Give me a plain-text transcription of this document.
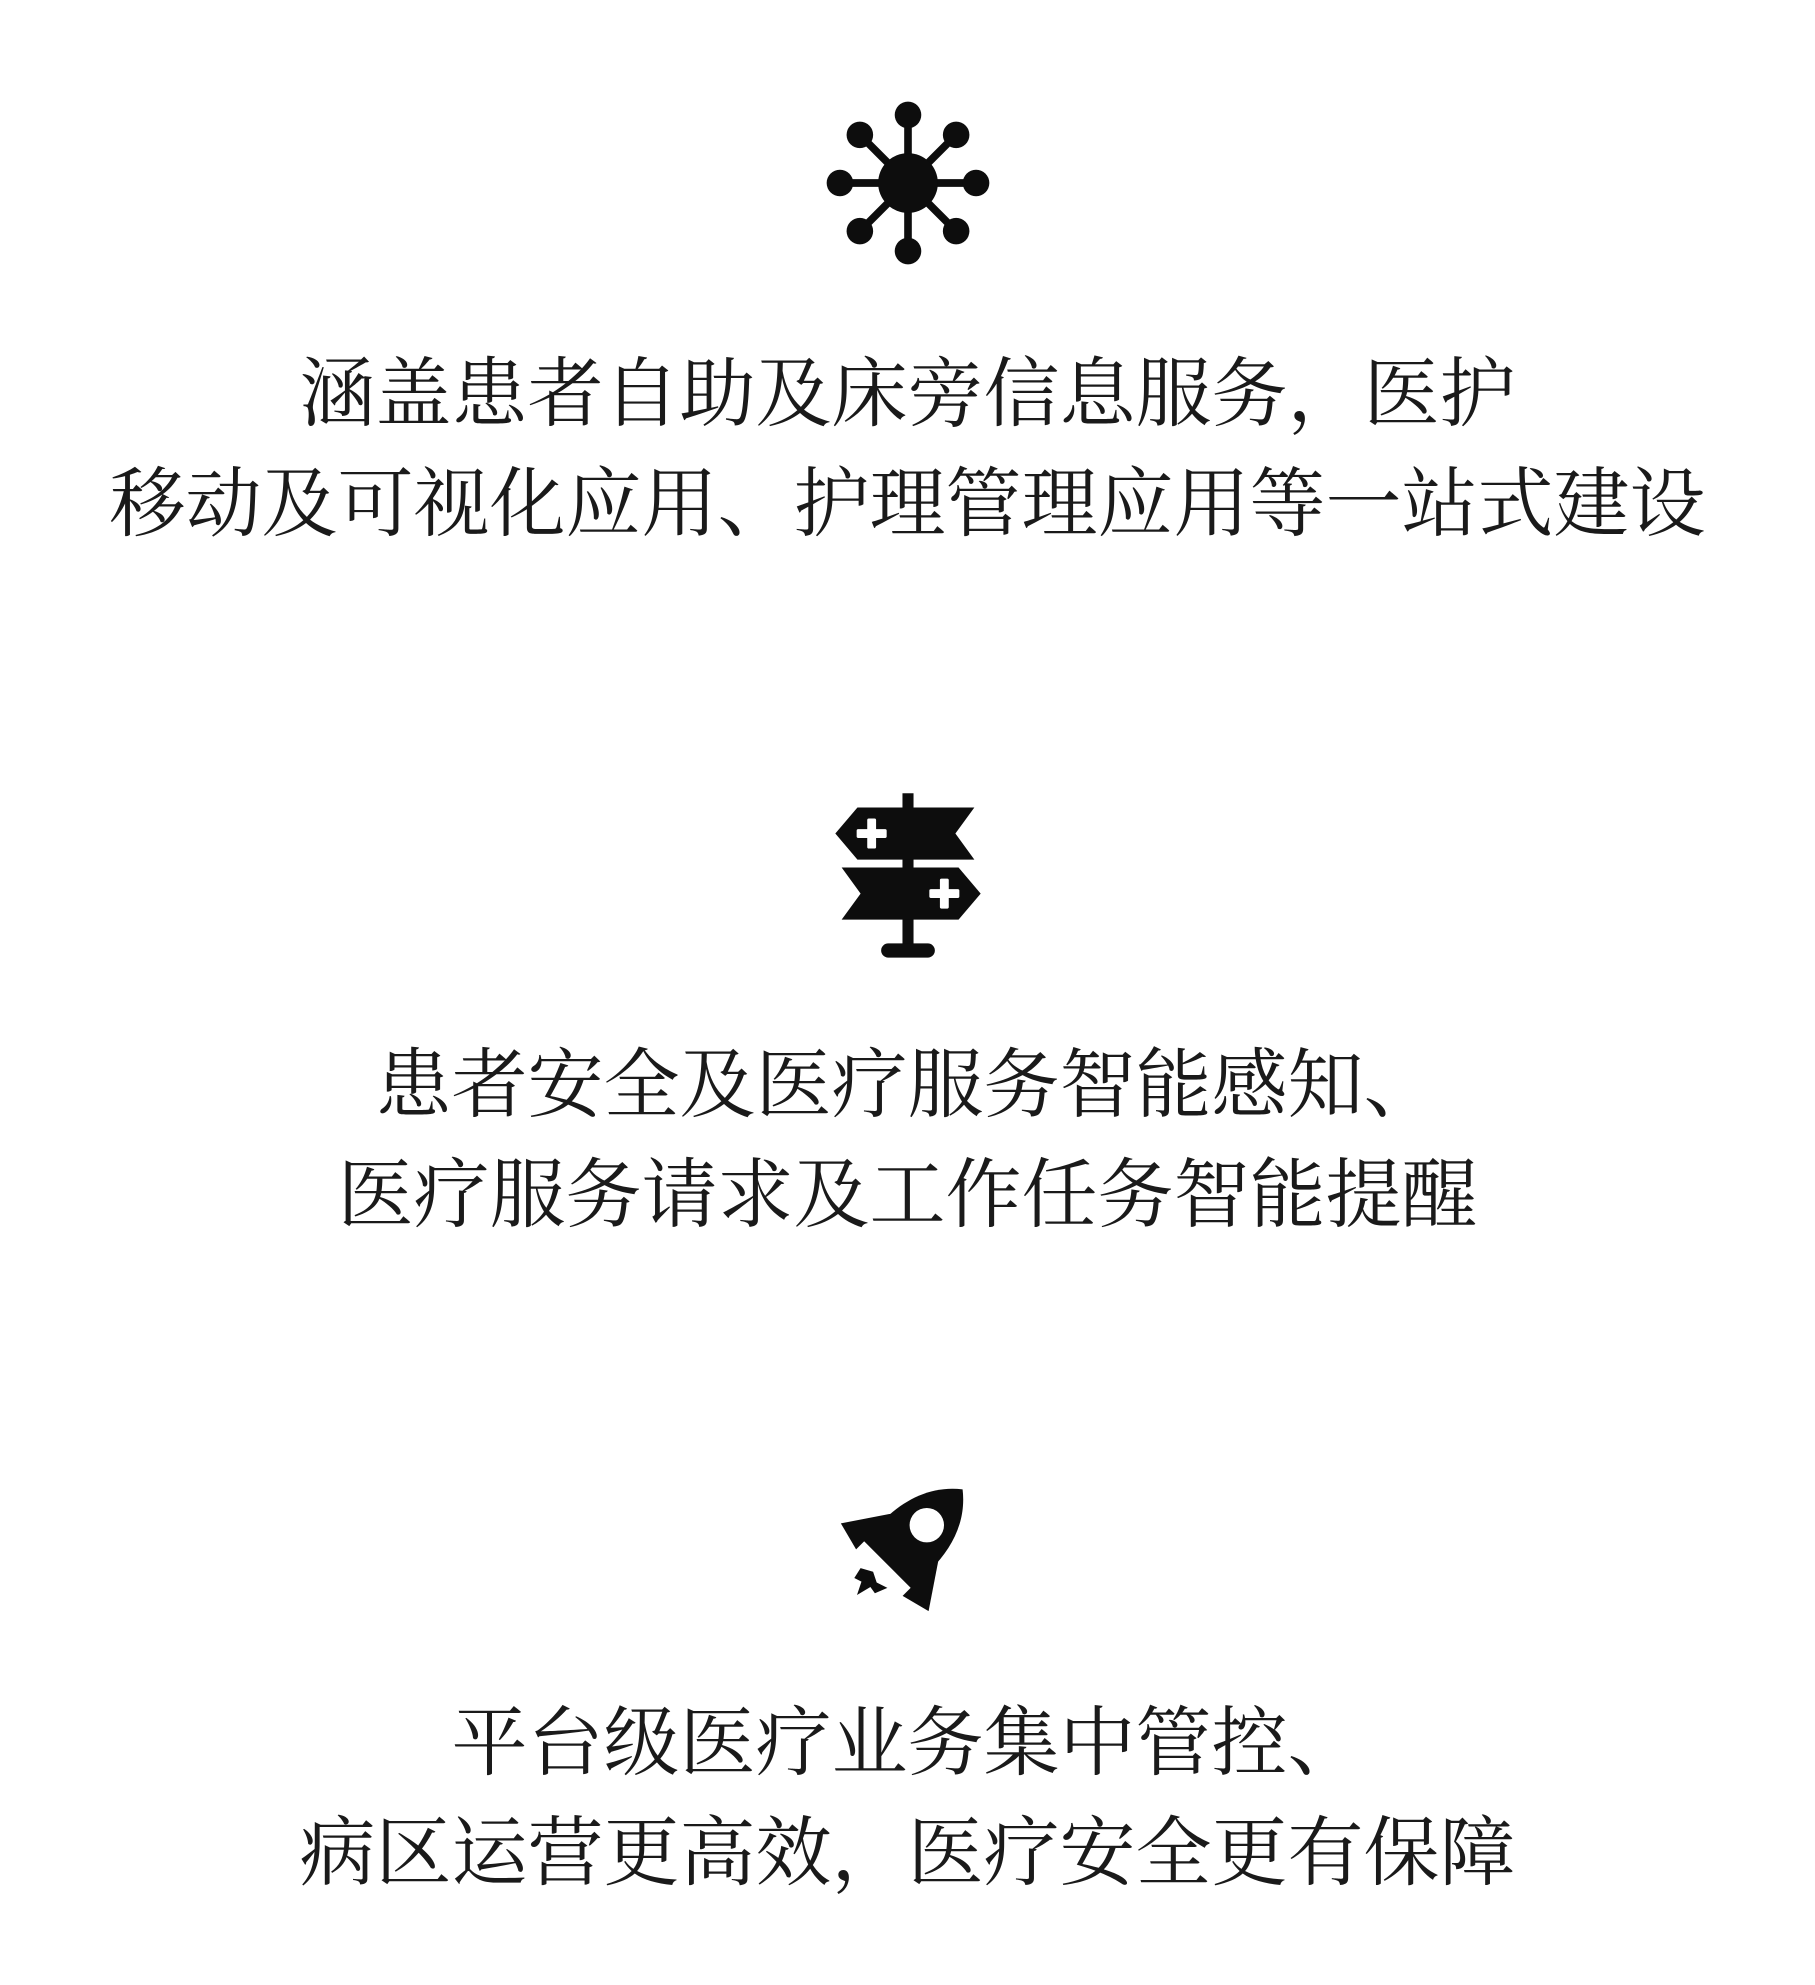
涵盖患者自助及床旁信息服务，医护
移动及可视化应用、护理管理应用等一站式建设

患者安全及医疗服务智能感知、
医疗服务请求及工作任务智能提醒

平台级医疗业务集中管控、
病区运营更高效，医疗安全更有保障
